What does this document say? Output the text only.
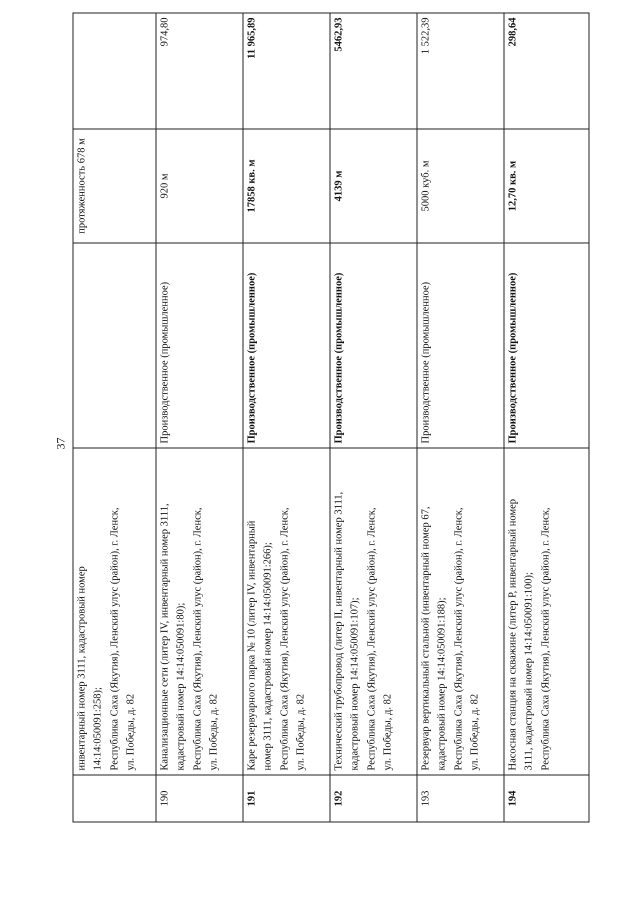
37

	инвентарный номер 3111, кадастровый номер 14:14:050091:258); Республика Саха (Якутия), Ленский улус (район), г. Ленск, ул. Победы, д. 82		протяженность 678 м	
190	Канализационные сети (литер IV, инвентарный номер 3111, кадастровый номер 14:14:050091:80); Республика Саха (Якутия), Ленский улус (район), г. Ленск, ул. Победы, д. 82	Производственное (промышленное)	920 м	974,80
191	Каре резервуарного парка № 10 (литер IV, инвентарный номер 3111, кадастровый номер 14:14:050091:266); Республика Саха (Якутия), Ленский улус (район), г. Ленск, ул. Победы, д. 82	Производственное (промышленное)	17858 кв. м	11 965,89
192	Технический трубопровод (литер II, инвентарный номер 3111, кадастровый номер 14:14:050091:107); Республика Саха (Якутия), Ленский улус (район), г. Ленск, ул. Победы, д. 82	Производственное (промышленное)	4139 м	5462,93
193	Резервуар вертикальный стальной (инвентарный номер 67, кадастровый номер 14:14:050091:188); Республика Саха (Якутия), Ленский улус (район), г. Ленск, ул. Победы, д. 82	Производственное (промышленное)	5000 куб. м	1 522,39
194	Насосная станция на скважине (литер Р, инвентарный номер 3111, кадастровый номер 14:14:050091:100); Республика Саха (Якутия), Ленский улус (район), г. Ленск,	Производственное (промышленное)	12,70 кв. м	298,64
